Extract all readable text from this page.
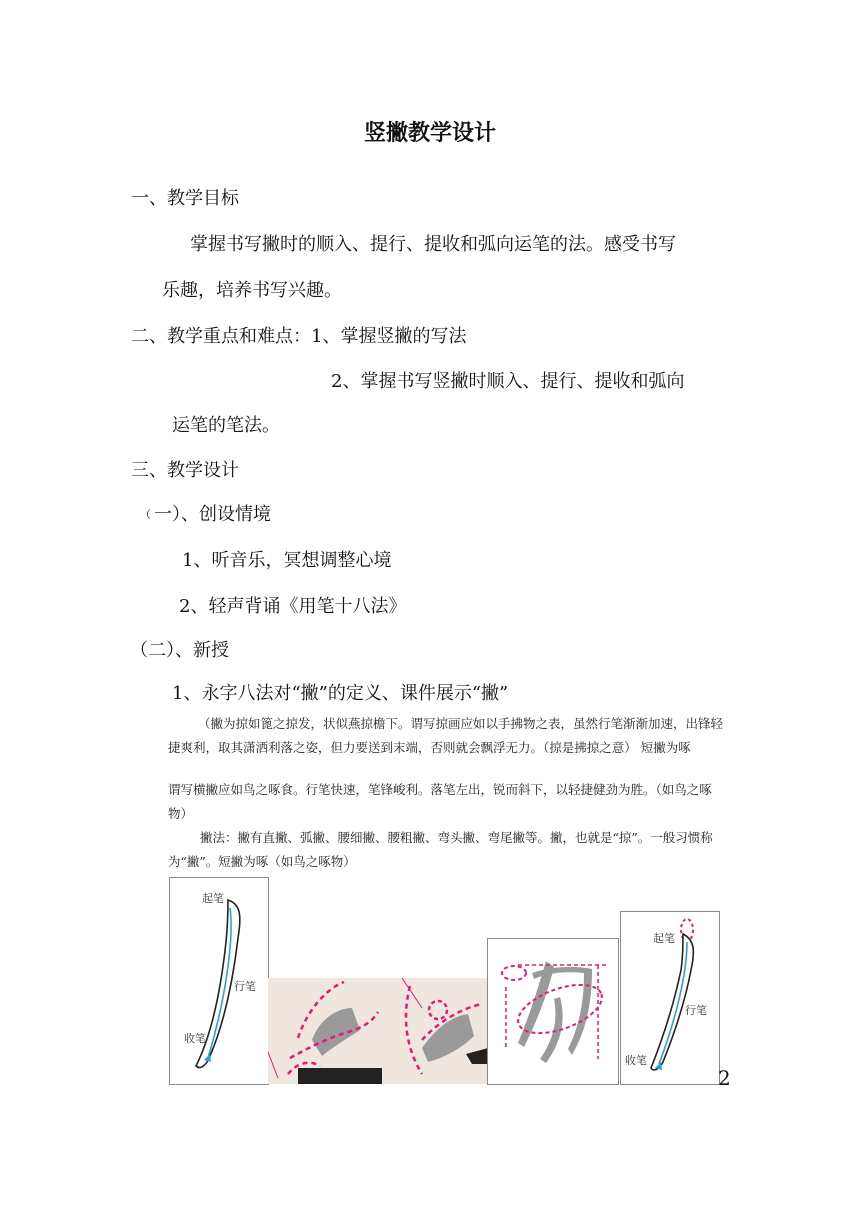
竖撇教学设计
一、教学目标
掌握书写撇时的顺入、提行、提收和弧向运笔的法。感受书写
乐趣，培养书写兴趣。
二、教学重点和难点：1、掌握竖撇的写法
2、掌握书写竖撇时顺入、提行、提收和弧向
运笔的笔法。
三、教学设计
（ 一）、创设情境
1、听音乐，冥想调整心境
2、轻声背诵《用笔十八法》
（二）、新授
1、永字八法对“撇”的定义、课件展示“撇”
（撇为掠如篦之掠发，状似燕掠檐下。谓写掠画应如以手拂物之表，虽然行笔渐渐加速，出锋轻捷爽利，取其潇洒利落之姿，但力要送到末端，否则就会飘浮无力。（掠是拂掠之意） 短撇为啄
谓写横撇应如鸟之啄食。行笔快速，笔锋峻利。落笔左出，锐而斜下，以轻捷健劲为胜。（如鸟之啄物）
撇法：撇有直撇、弧撇、腰细撇、腰粗撇、弯头撇、弯尾撇等。撇，也就是“掠”。一般习惯称为“撇”。短撇为啄（如鸟之啄物）
起笔
行笔
收笔
起笔
行笔
收笔
2
